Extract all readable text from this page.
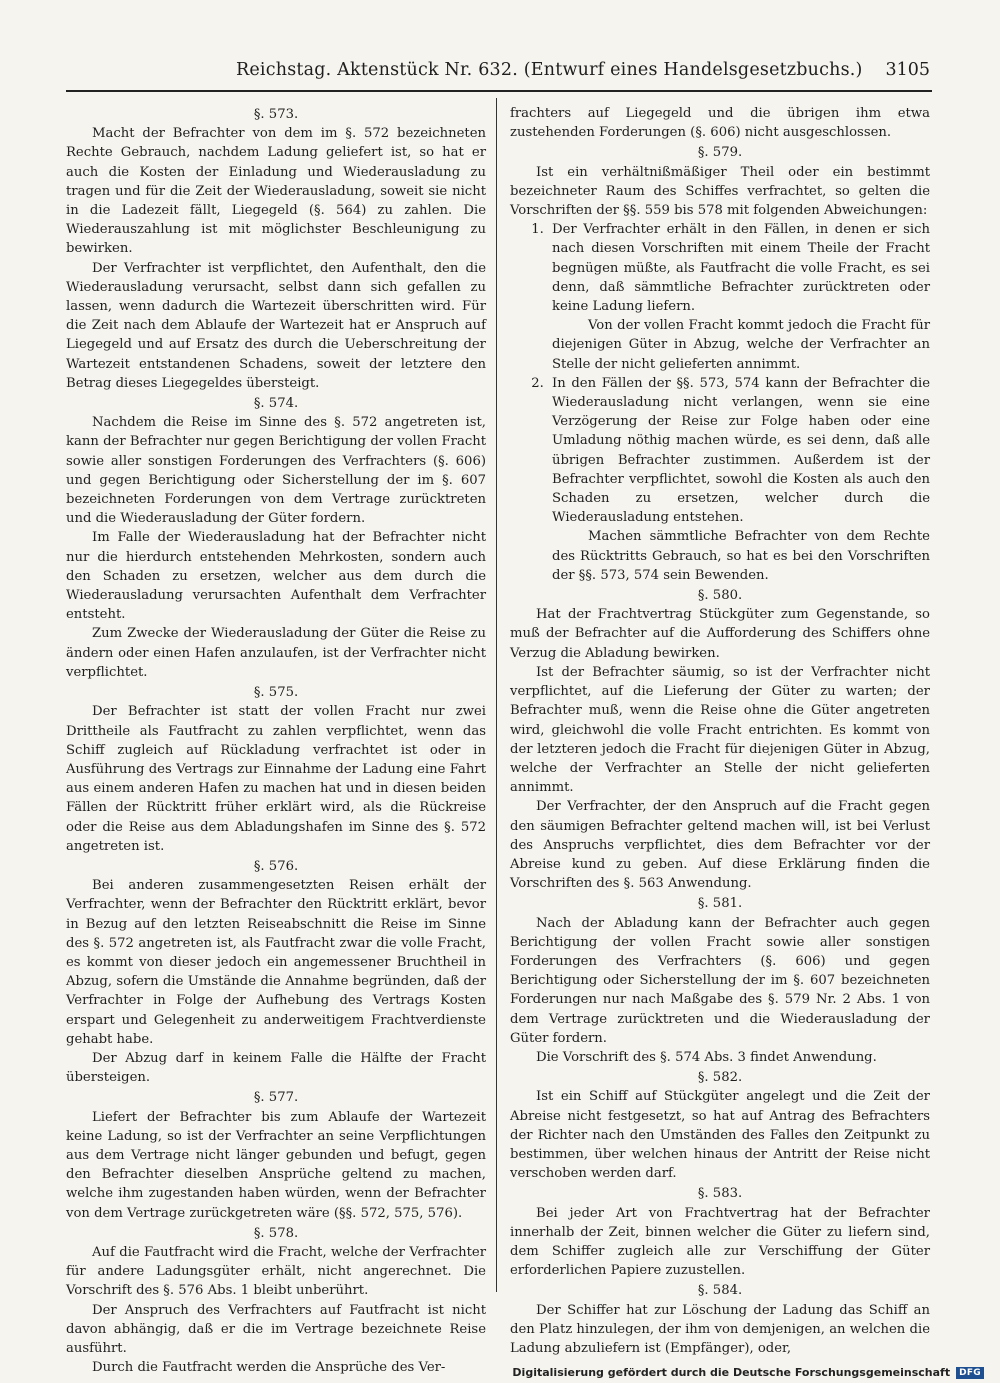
Reichstag. Aktenstück Nr. 632. (Entwurf eines Handelsgesetzbuchs.) 3105
§. 573.

Macht der Befrachter von dem im §. 572 bezeichneten Rechte Gebrauch, nachdem Ladung geliefert ist, so hat er auch die Kosten der Einladung und Wiederausladung zu tragen und für die Zeit der Wiederausladung, soweit sie nicht in die Ladezeit fällt, Liegegeld (§. 564) zu zahlen. Die Wiederauszahlung ist mit möglichster Beschleunigung zu bewirken.

Der Verfrachter ist verpflichtet, den Aufenthalt, den die Wiederausladung verursacht, selbst dann sich gefallen zu lassen, wenn dadurch die Wartezeit überschritten wird. Für die Zeit nach dem Ablaufe der Wartezeit hat er Anspruch auf Liegegeld und auf Ersatz des durch die Ueberschreitung der Wartezeit entstandenen Schadens, soweit der letztere den Betrag dieses Liegegeldes übersteigt.

§. 574.

Nachdem die Reise im Sinne des §. 572 angetreten ist, kann der Befrachter nur gegen Berichtigung der vollen Fracht sowie aller sonstigen Forderungen des Verfrachters (§. 606) und gegen Berichtigung oder Sicherstellung der im §. 607 bezeichneten Forderungen von dem Vertrage zurücktreten und die Wiederausladung der Güter fordern.

Im Falle der Wiederausladung hat der Befrachter nicht nur die hierdurch entstehenden Mehrkosten, sondern auch den Schaden zu ersetzen, welcher aus dem durch die Wiederausladung verursachten Aufenthalt dem Verfrachter entsteht.

Zum Zwecke der Wiederausladung der Güter die Reise zu ändern oder einen Hafen anzulaufen, ist der Verfrachter nicht verpflichtet.

§. 575.

Der Befrachter ist statt der vollen Fracht nur zwei Drittheile als Fautfracht zu zahlen verpflichtet, wenn das Schiff zugleich auf Rückladung verfrachtet ist oder in Ausführung des Vertrags zur Einnahme der Ladung eine Fahrt aus einem anderen Hafen zu machen hat und in diesen beiden Fällen der Rücktritt früher erklärt wird, als die Rückreise oder die Reise aus dem Abladungshafen im Sinne des §. 572 angetreten ist.

§. 576.

Bei anderen zusammengesetzten Reisen erhält der Verfrachter, wenn der Befrachter den Rücktritt erklärt, bevor in Bezug auf den letzten Reiseabschnitt die Reise im Sinne des §. 572 angetreten ist, als Fautfracht zwar die volle Fracht, es kommt von dieser jedoch ein angemessener Bruchtheil in Abzug, sofern die Umstände die Annahme begründen, daß der Verfrachter in Folge der Aufhebung des Vertrags Kosten erspart und Gelegenheit zu anderweitigem Frachtverdienste gehabt habe.

Der Abzug darf in keinem Falle die Hälfte der Fracht übersteigen.

§. 577.

Liefert der Befrachter bis zum Ablaufe der Wartezeit keine Ladung, so ist der Verfrachter an seine Verpflichtungen aus dem Vertrage nicht länger gebunden und befugt, gegen den Befrachter dieselben Ansprüche geltend zu machen, welche ihm zugestanden haben würden, wenn der Befrachter von dem Vertrage zurückgetreten wäre (§§. 572, 575, 576).

§. 578.

Auf die Fautfracht wird die Fracht, welche der Verfrachter für andere Ladungsgüter erhält, nicht angerechnet. Die Vorschrift des §. 576 Abs. 1 bleibt unberührt.

Der Anspruch des Verfrachters auf Fautfracht ist nicht davon abhängig, daß er die im Vertrage bezeichnete Reise ausführt.

Durch die Fautfracht werden die Ansprüche des Ver-

frachters auf Liegegeld und die übrigen ihm etwa zustehenden Forderungen (§. 606) nicht ausgeschlossen.

§. 579.

Ist ein verhältnißmäßiger Theil oder ein bestimmt bezeichneter Raum des Schiffes verfrachtet, so gelten die Vorschriften der §§. 559 bis 578 mit folgenden Abweichungen:

1. Der Verfrachter erhält in den Fällen, in denen er sich nach diesen Vorschriften mit einem Theile der Fracht begnügen müßte, als Fautfracht die volle Fracht, es sei denn, daß sämmtliche Befrachter zurücktreten oder keine Ladung liefern.

Von der vollen Fracht kommt jedoch die Fracht für diejenigen Güter in Abzug, welche der Verfrachter an Stelle der nicht gelieferten annimmt.

2. In den Fällen der §§. 573, 574 kann der Befrachter die Wiederausladung nicht verlangen, wenn sie eine Verzögerung der Reise zur Folge haben oder eine Umladung nöthig machen würde, es sei denn, daß alle übrigen Befrachter zustimmen. Außerdem ist der Befrachter verpflichtet, sowohl die Kosten als auch den Schaden zu ersetzen, welcher durch die Wiederausladung entstehen.

Machen sämmtliche Befrachter von dem Rechte des Rücktritts Gebrauch, so hat es bei den Vorschriften der §§. 573, 574 sein Bewenden.

§. 580.

Hat der Frachtvertrag Stückgüter zum Gegenstande, so muß der Befrachter auf die Aufforderung des Schiffers ohne Verzug die Abladung bewirken.

Ist der Befrachter säumig, so ist der Verfrachter nicht verpflichtet, auf die Lieferung der Güter zu warten; der Befrachter muß, wenn die Reise ohne die Güter angetreten wird, gleichwohl die volle Fracht entrichten. Es kommt von der letzteren jedoch die Fracht für diejenigen Güter in Abzug, welche der Verfrachter an Stelle der nicht gelieferten annimmt.

Der Verfrachter, der den Anspruch auf die Fracht gegen den säumigen Befrachter geltend machen will, ist bei Verlust des Anspruchs verpflichtet, dies dem Befrachter vor der Abreise kund zu geben. Auf diese Erklärung finden die Vorschriften des §. 563 Anwendung.

§. 581.

Nach der Abladung kann der Befrachter auch gegen Berichtigung der vollen Fracht sowie aller sonstigen Forderungen des Verfrachters (§. 606) und gegen Berichtigung oder Sicherstellung der im §. 607 bezeichneten Forderungen nur nach Maßgabe des §. 579 Nr. 2 Abs. 1 von dem Vertrage zurücktreten und die Wiederausladung der Güter fordern.

Die Vorschrift des §. 574 Abs. 3 findet Anwendung.

§. 582.

Ist ein Schiff auf Stückgüter angelegt und die Zeit der Abreise nicht festgesetzt, so hat auf Antrag des Befrachters der Richter nach den Umständen des Falles den Zeitpunkt zu bestimmen, über welchen hinaus der Antritt der Reise nicht verschoben werden darf.

§. 583.

Bei jeder Art von Frachtvertrag hat der Befrachter innerhalb der Zeit, binnen welcher die Güter zu liefern sind, dem Schiffer zugleich alle zur Verschiffung der Güter erforderlichen Papiere zuzustellen.

§. 584.

Der Schiffer hat zur Löschung der Ladung das Schiff an den Platz hinzulegen, der ihm von demjenigen, an welchen die Ladung abzuliefern ist (Empfänger), oder,

Digitalisierung gefördert durch die Deutsche Forschungsgemeinschaft	DFG
